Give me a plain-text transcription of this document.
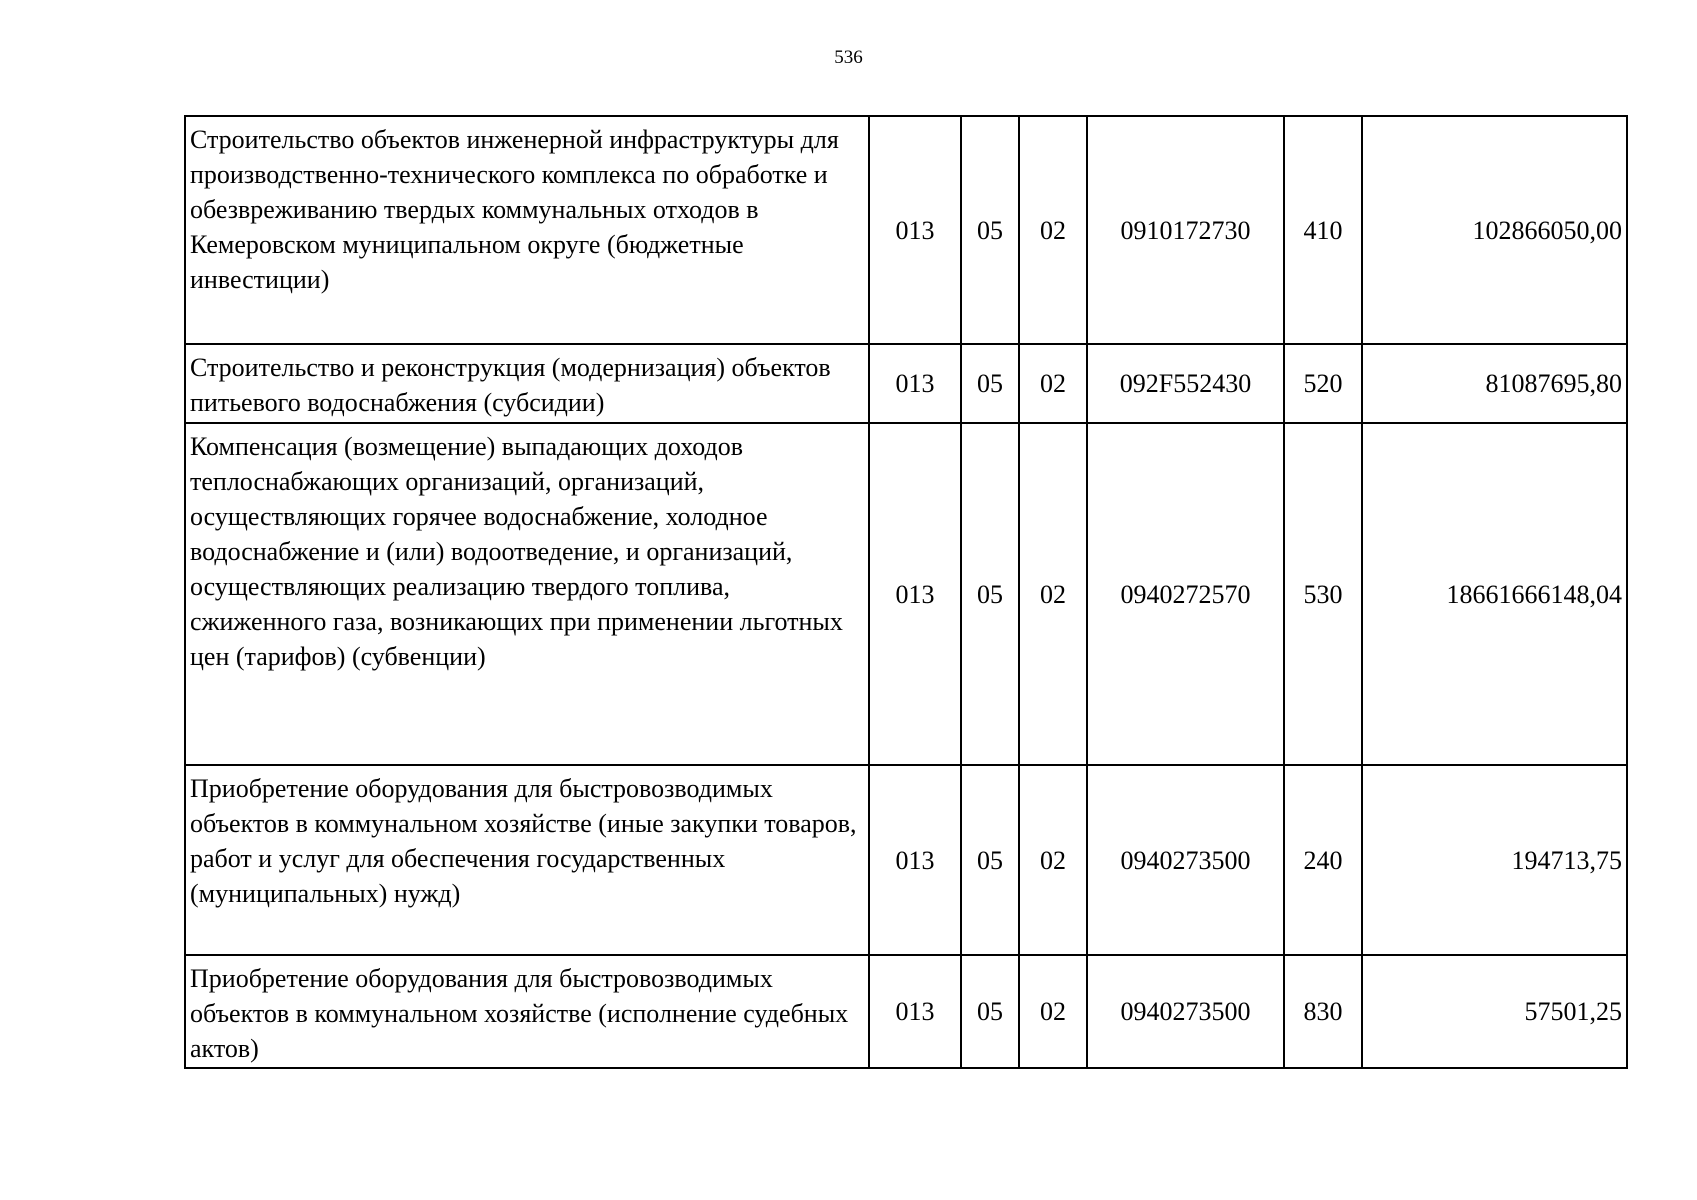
536
Строительство объектов инженерной инфраструктуры для производственно-технического комплекса по обработке и обезвреживанию твердых коммунальных отходов в Кемеровском муниципальном округе (бюджетные инвестиции)	013	05	02	0910172730	410	102866050,00
Строительство и реконструкция (модернизация) объектов питьевого водоснабжения (субсидии)	013	05	02	092F552430	520	81087695,80
Компенсация (возмещение) выпадающих доходов теплоснабжающих организаций, организаций, осуществляющих горячее водоснабжение, холодное водоснабжение и (или) водоотведение, и организаций, осуществляющих реализацию твердого топлива, сжиженного газа, возникающих при применении льготных цен (тарифов) (субвенции)	013	05	02	0940272570	530	18661666148,04
Приобретение оборудования для быстровозводимых объектов в коммунальном хозяйстве (иные закупки товаров, работ и услуг для обеспечения государственных (муниципальных) нужд)	013	05	02	0940273500	240	194713,75
Приобретение оборудования для быстровозводимых объектов в коммунальном хозяйстве (исполнение судебных актов)	013	05	02	0940273500	830	57501,25
